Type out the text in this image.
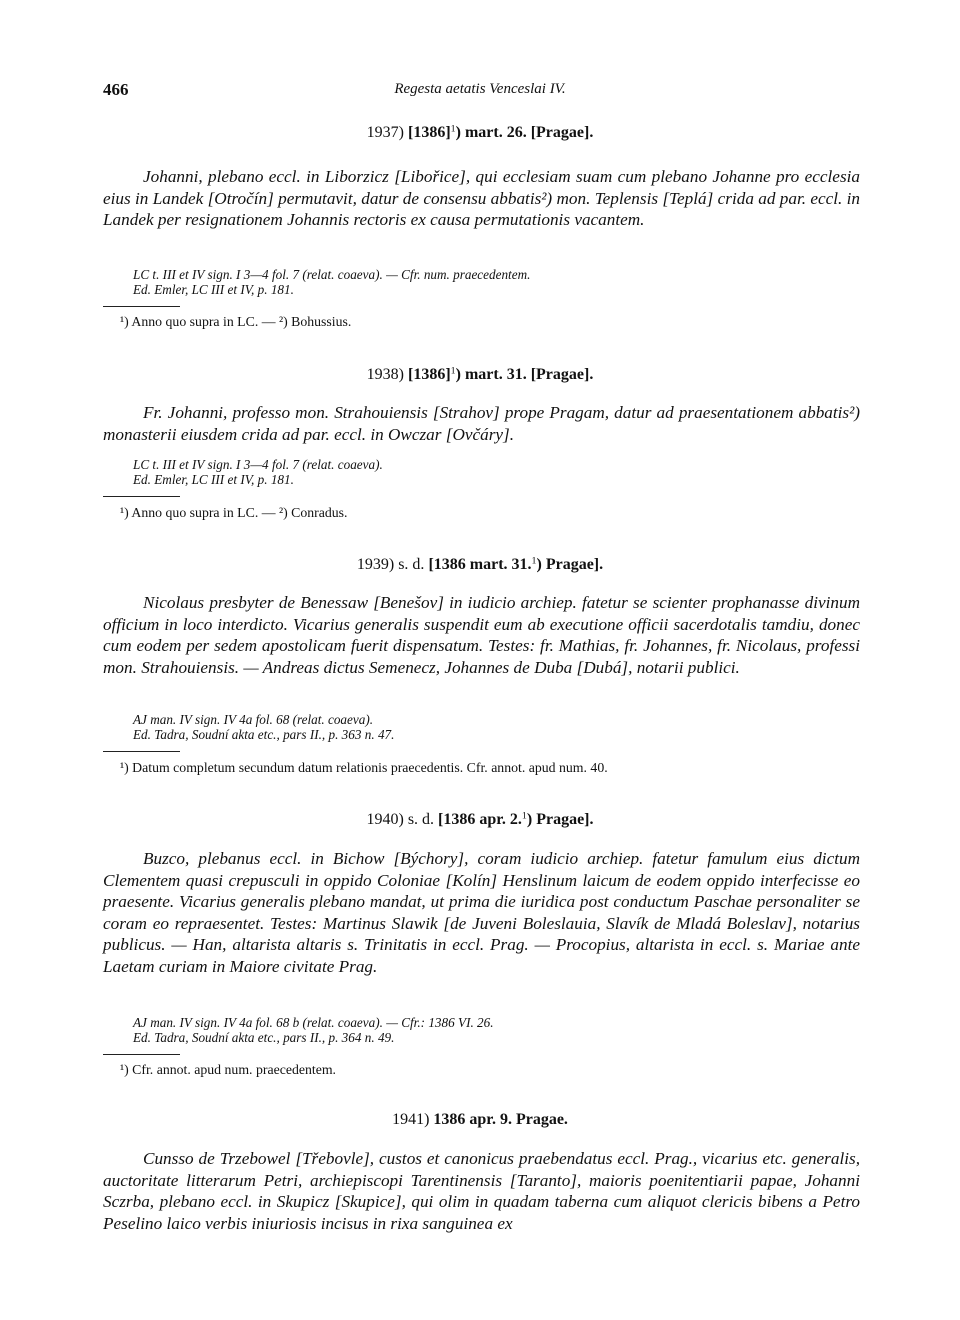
466	Regesta aetatis Venceslai IV.
1937) $[1386]^1$) mart. 26. [Pragae].

Johanni, plebano eccl. in Liborzicz [Libořice], qui ecclesiam suam cum plebano Johanne pro ecclesia eius in Landek [Otročín] permutavit, datur de consensu abbatis²) mon. Teplensis [Teplá] crida ad par. eccl. in Landek per resignationem Johannis rectoris ex causa permutationis vacantem.

LC t. III et IV sign. I 3—4 fol. 7 (relat. coaeva). — Cfr. num. praecedentem.
Ed. Emler, LC III et IV, p. 181.
¹) Anno quo supra in LC. — ²) Bohussius.
1938) $[1386]^1$) mart. 31. [Pragae].

Fr. Johanni, professo mon. Strahouiensis [Strahov] prope Pragam, datur ad praesentationem abbatis²) monasterii eiusdem crida ad par. eccl. in Owczar [Ovčáry].

LC t. III et IV sign. I 3—4 fol. 7 (relat. coaeva).
Ed. Emler, LC III et IV, p. 181.
¹) Anno quo supra in LC. — ²) Conradus.
1939) s. d. [1386 mart. 31.$^1$) Pragae].

Nicolaus presbyter de Benessaw [Benešov] in iudicio archiep. fatetur se scienter prophanasse divinum officium in loco interdicto. Vicarius generalis suspendit eum ab executione officii sacerdotalis tamdiu, donec cum eodem per sedem apostolicam fuerit dispensatum. Testes: fr. Mathias, fr. Johannes, fr. Nicolaus, professi mon. Strahouiensis. — Andreas dictus Semenecz, Johannes de Duba [Dubá], notarii publici.

AJ man. IV sign. IV 4a fol. 68 (relat. coaeva).
Ed. Tadra, Soudní akta etc., pars II., p. 363 n. 47.
¹) Datum completum secundum datum relationis praecedentis. Cfr. annot. apud num. 40.
1940) s. d. [1386 apr. 2.$^1$) Pragae].

Buzco, plebanus eccl. in Bichow [Býchory], coram iudicio archiep. fatetur famulum eius dictum Clementem quasi crepusculi in oppido Coloniae [Kolín] Henslinum laicum de eodem oppido interfecisse eo praesente. Vicarius generalis plebano mandat, ut prima die iuridica post conductum Paschae personaliter se coram eo repraesentet. Testes: Martinus Slawik [de Juveni Boleslauia, Slavík de Mladá Boleslav], notarius publicus. — Han, altarista altaris s. Trinitatis in eccl. Prag. — Procopius, altarista in eccl. s. Mariae ante Laetam curiam in Maiore civitate Prag.

AJ man. IV sign. IV 4a fol. 68 b (relat. coaeva). — Cfr.: 1386 VI. 26.
Ed. Tadra, Soudní akta etc., pars II., p. 364 n. 49.
¹) Cfr. annot. apud num. praecedentem.
1941) 1386 apr. 9. Pragae.

Cunsso de Trzebowel [Třebovle], custos et canonicus praebendatus eccl. Prag., vicarius etc. generalis, auctoritate litterarum Petri, archiepiscopi Tarentinensis [Taranto], maioris poenitentiarii papae, Johanni Sczrba, plebano eccl. in Skupicz [Skupice], qui olim in quadam taberna cum aliquot clericis bibens a Petro Peselino laico verbis iniuriosis incisus in rixa sanguinea ex
